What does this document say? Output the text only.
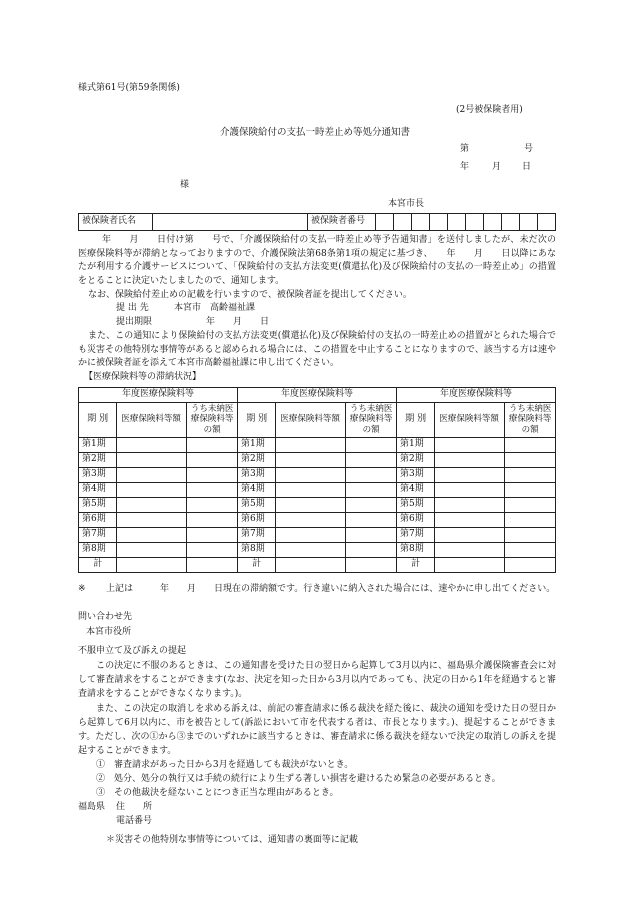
様式第61号(第59条関係)
(2号被保険者用)
介護保険給付の支払一時差止め等処分通知書
第	号
年	月 日
様
本宮市長
被保険者氏名		被保険者番号										
年　　月　　日付け第　　号で、「介護保険給付の支払一時差止め等予告通知書」を送付しましたが、未だ次の医療保険料等が滞納となっておりますので、介護保険法第68条第1項の規定に基づき、　　年　　月　　日以降にあなたが利用する介護サービスについて、「保険給付の支払方法変更(償還払化)及び保険給付の支払の一時差止め」の措置をとることに決定いたしましたので、通知します。
なお、保険給付差止めの記載を行いますので、被保険者証を提出してください。
提 出 先	本宮市　高齢福祉課
提出期限	年　　月　　日
また、この通知により保険給付の支払方法変更(償還払化)及び保険給付の支払の一時差止めの措置がとられた場合でも災害その他特別な事情等があると認められる場合には、この措置を中止することになりますので、該当する方は速やかに被保険者証を添えて本宮市高齢福祉課に申し出てください。
【医療保険料等の滞納状況】
年度医療保険料等			年度医療保険料等			年度医療保険料等		
期 別	医療保険料等額	うち未納医療保険料等の額	期 別	医療保険料等額	うち未納医療保険料等の額	期 別	医療保険料等額	うち未納医療保険料等の額
第1期			第1期			第1期		
第2期			第2期			第2期		
第3期			第3期			第3期		
第4期			第4期			第4期		
第5期			第5期			第5期		
第6期			第6期			第6期		
第7期			第7期			第7期		
第8期			第8期			第8期		
計			計			計		
※	上記は　　　年　　月　　日現在の滞納額です。行き違いに納入された場合には、速やかに申し出てください。
問い合わせ先
本宮市役所
不服申立て及び訴えの提起
この決定に不服のあるときは、この通知書を受けた日の翌日から起算して3月以内に、福島県介護保険審査会に対して審査請求をすることができます(なお、決定を知った日から3月以内であっても、決定の日から1年を経過すると審査請求をすることができなくなります。)。
また、この決定の取消しを求める訴えは、前記の審査請求に係る裁決を経た後に、裁決の通知を受けた日の翌日から起算して6月以内に、市を被告として(訴訟において市を代表する者は、市長となります。)、提起することができます。ただし、次の①から③までのいずれかに該当するときは、審査請求に係る裁決を経ないで決定の取消しの訴えを提起することができます。
①　審査請求があった日から3月を経過しても裁決がないとき。
②　処分、処分の執行又は手続の続行により生ずる著しい損害を避けるため緊急の必要があるとき。
③　その他裁決を経ないことにつき正当な理由があるとき。
福島県 住　　所
電話番号
＊災害その他特別な事情等については、通知書の裏面等に記載
